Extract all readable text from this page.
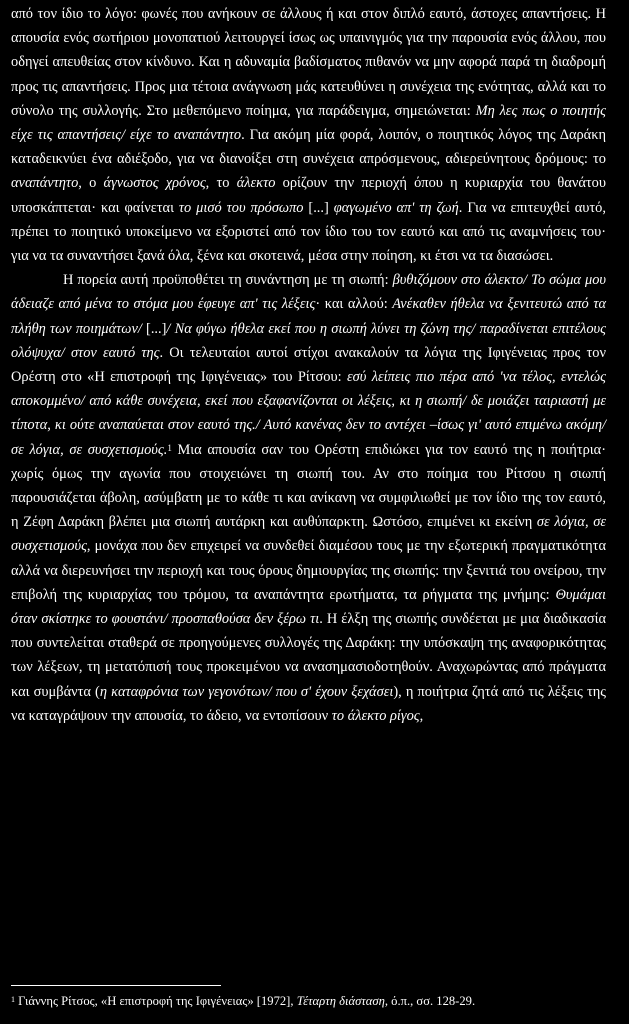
από τον ίδιο το λόγο: φωνές που ανήκουν σε άλλους ή και στον διπλό εαυτό, άστοχες απαντήσεις. Η απουσία ενός σωτήριου μονοπατιού λειτουργεί ίσως ως υπαινιγμός για την παρουσία ενός άλλου, που οδηγεί απευθείας στον κίνδυνο. Και η αδυναμία βαδίσματος πιθανόν να μην αφορά παρά τη διαδρομή προς τις απαντήσεις. Προς μια τέτοια ανάγνωση μάς κατευθύνει η συνέχεια της ενότητας, αλλά και το σύνολο της συλλογής. Στο μεθεπόμενο ποίημα, για παράδειγμα, σημειώνεται: Μη λες πως ο ποιητής είχε τις απαντήσεις/ είχε το αναπάντητο. Για ακόμη μία φορά, λοιπόν, ο ποιητικός λόγος της Δαράκη καταδεικνύει ένα αδιέξοδο, για να διανοίξει στη συνέχεια απρόσμενους, αδιερεύνητους δρόμους: το αναπάντητο, ο άγνωστος χρόνος, το άλεκτο ορίζουν την περιοχή όπου η κυριαρχία του θανάτου υποσκάπτεται· και φαίνεται το μισό του πρόσωπο [...] φαγωμένο απ' τη ζωή. Για να επιτευχθεί αυτό, πρέπει το ποιητικό υποκείμενο να εξοριστεί από τον ίδιο του τον εαυτό και από τις αναμνήσεις του· για να τα συναντήσει ξανά όλα, ξένα και σκοτεινά, μέσα στην ποίηση, κι έτσι να τα διασώσει.

Η πορεία αυτή προϋποθέτει τη συνάντηση με τη σιωπή: βυθιζόμουν στο άλεκτο/ Το σώμα μου άδειαζε από μένα το στόμα μου έφευγε απ' τις λέξεις· και αλλού: Ανέκαθεν ήθελα να ξενιτευτώ από τα πλήθη των ποιημάτων/ [...]/ Να φύγω ήθελα εκεί που η σιωπή λύνει τη ζώνη της/ παραδίνεται επιτέλους ολόψυχα/ στον εαυτό της. Οι τελευταίοι αυτοί στίχοι ανακαλούν τα λόγια της Ιφιγένειας προς τον Ορέστη στο «Η επιστροφή της Ιφιγένειας» του Ρίτσου: εσύ λείπεις πιο πέρα από 'να τέλος, εντελώς αποκομμένο/ από κάθε συνέχεια, εκεί που εξαφανίζονται οι λέξεις, κι η σιωπή/ δε μοιάζει ταιριαστή με τίποτα, κι ούτε αναπαύεται στον εαυτό της./ Αυτό κανένας δεν το αντέχει –ίσως γι' αυτό επιμένω ακόμη/ σε λόγια, σε συσχετισμούς.$^1$ Μια απουσία σαν του Ορέστη επιδιώκει για τον εαυτό της η ποιήτρια· χωρίς όμως την αγωνία που στοιχειώνει τη σιωπή του. Αν στο ποίημα του Ρίτσου η σιωπή παρουσιάζεται άβολη, ασύμβατη με το κάθε τι και ανίκανη να συμφιλιωθεί με τον ίδιο της τον εαυτό, η Ζέφη Δαράκη βλέπει μια σιωπή αυτάρκη και αυθύπαρκτη. Ωστόσο, επιμένει κι εκείνη σε λόγια, σε συσχετισμούς, μονάχα που δεν επιχειρεί να συνδεθεί διαμέσου τους με την εξωτερική πραγματικότητα αλλά να διερευνήσει την περιοχή και τους όρους δημιουργίας της σιωπής: την ξενιτιά του ονείρου, την επιβολή της κυριαρχίας του τρόμου, τα αναπάντητα ερωτήματα, τα ρήγματα της μνήμης: Θυμάμαι όταν σκίστηκε το φουστάνι/ προσπαθούσα δεν ξέρω τι. Η έλξη της σιωπής συνδέεται με μια διαδικασία που συντελείται σταθερά σε προηγούμενες συλλογές της Δαράκη: την υπόσκαψη της αναφορικότητας των λέξεων, τη μετατόπισή τους προκειμένου να ανασημασιοδοτηθούν. Αναχωρώντας από πράγματα και συμβάντα (η καταφρόνια των γεγονότων/ που σ' έχουν ξεχάσει), η ποιήτρια ζητά από τις λέξεις της να καταγράψουν την απουσία, το άδειο, να εντοπίσουν το άλεκτο ρίγος,

$^1$ Γιάννης Ρίτσος, «Η επιστροφή της Ιφιγένειας» [1972], Τέταρτη διάσταση, ό.π., σσ. 128-29.
